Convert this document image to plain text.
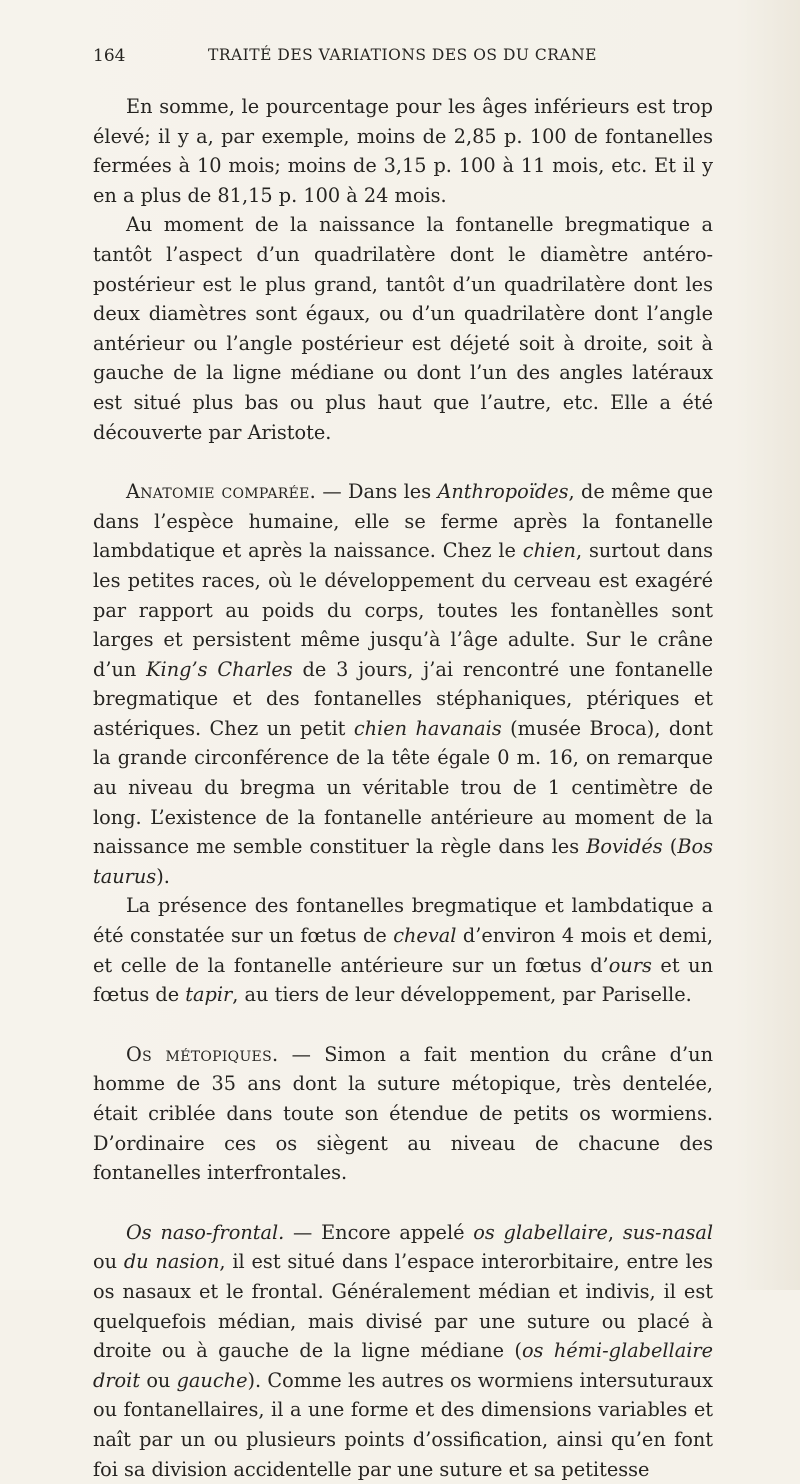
164	TRAITÉ DES VARIATIONS DES OS DU CRANE

En somme, le pourcentage pour les âges inférieurs est trop élevé; il y a, par exemple, moins de 2,85 p. 100 de fontanelles fermées à 10 mois; moins de 3,15 p. 100 à 11 mois, etc. Et il y en a plus de 81,15 p. 100 à 24 mois.

Au moment de la naissance la fontanelle bregmatique a tantôt l’aspect d’un quadrilatère dont le diamètre antéro-postérieur est le plus grand, tantôt d’un quadrilatère dont les deux diamètres sont égaux, ou d’un quadrilatère dont l’angle antérieur ou l’angle postérieur est déjeté soit à droite, soit à gauche de la ligne médiane ou dont l’un des angles latéraux est situé plus bas ou plus haut que l’autre, etc. Elle a été découverte par Aristote.

Anatomie comparée. — Dans les Anthropoïdes, de même que dans l’espèce humaine, elle se ferme après la fontanelle lambdatique et après la naissance. Chez le chien, surtout dans les petites races, où le développement du cerveau est exagéré par rapport au poids du corps, toutes les fontanèlles sont larges et persistent même jusqu’à l’âge adulte. Sur le crâne d’un King’s Charles de 3 jours, j’ai rencontré une fontanelle bregmatique et des fontanelles stéphaniques, ptériques et astériques. Chez un petit chien havanais (musée Broca), dont la grande circonférence de la tête égale 0 m. 16, on remarque au niveau du bregma un véritable trou de 1 centimètre de long. L’existence de la fontanelle antérieure au moment de la naissance me semble constituer la règle dans les Bovidés (Bos taurus).

La présence des fontanelles bregmatique et lambdatique a été constatée sur un fœtus de cheval d’environ 4 mois et demi, et celle de la fontanelle antérieure sur un fœtus d’ours et un fœtus de tapir, au tiers de leur développement, par Pariselle.

Os métopiques. — Simon a fait mention du crâne d’un homme de 35 ans dont la suture métopique, très dentelée, était criblée dans toute son étendue de petits os wormiens. D’ordinaire ces os siègent au niveau de chacune des fontanelles interfrontales.

Os naso-frontal. — Encore appelé os glabellaire, sus-nasal ou du nasion, il est situé dans l’espace interorbitaire, entre les os nasaux et le frontal. Généralement médian et indivis, il est quelquefois médian, mais divisé par une suture ou placé à droite ou à gauche de la ligne médiane (os hémi-glabellaire droit ou gauche). Comme les autres os wormiens intersuturaux ou fontanellaires, il a une forme et des dimensions variables et naît par un ou plusieurs points d’ossification, ainsi qu’en font foi sa division accidentelle par une suture et sa petitesse
